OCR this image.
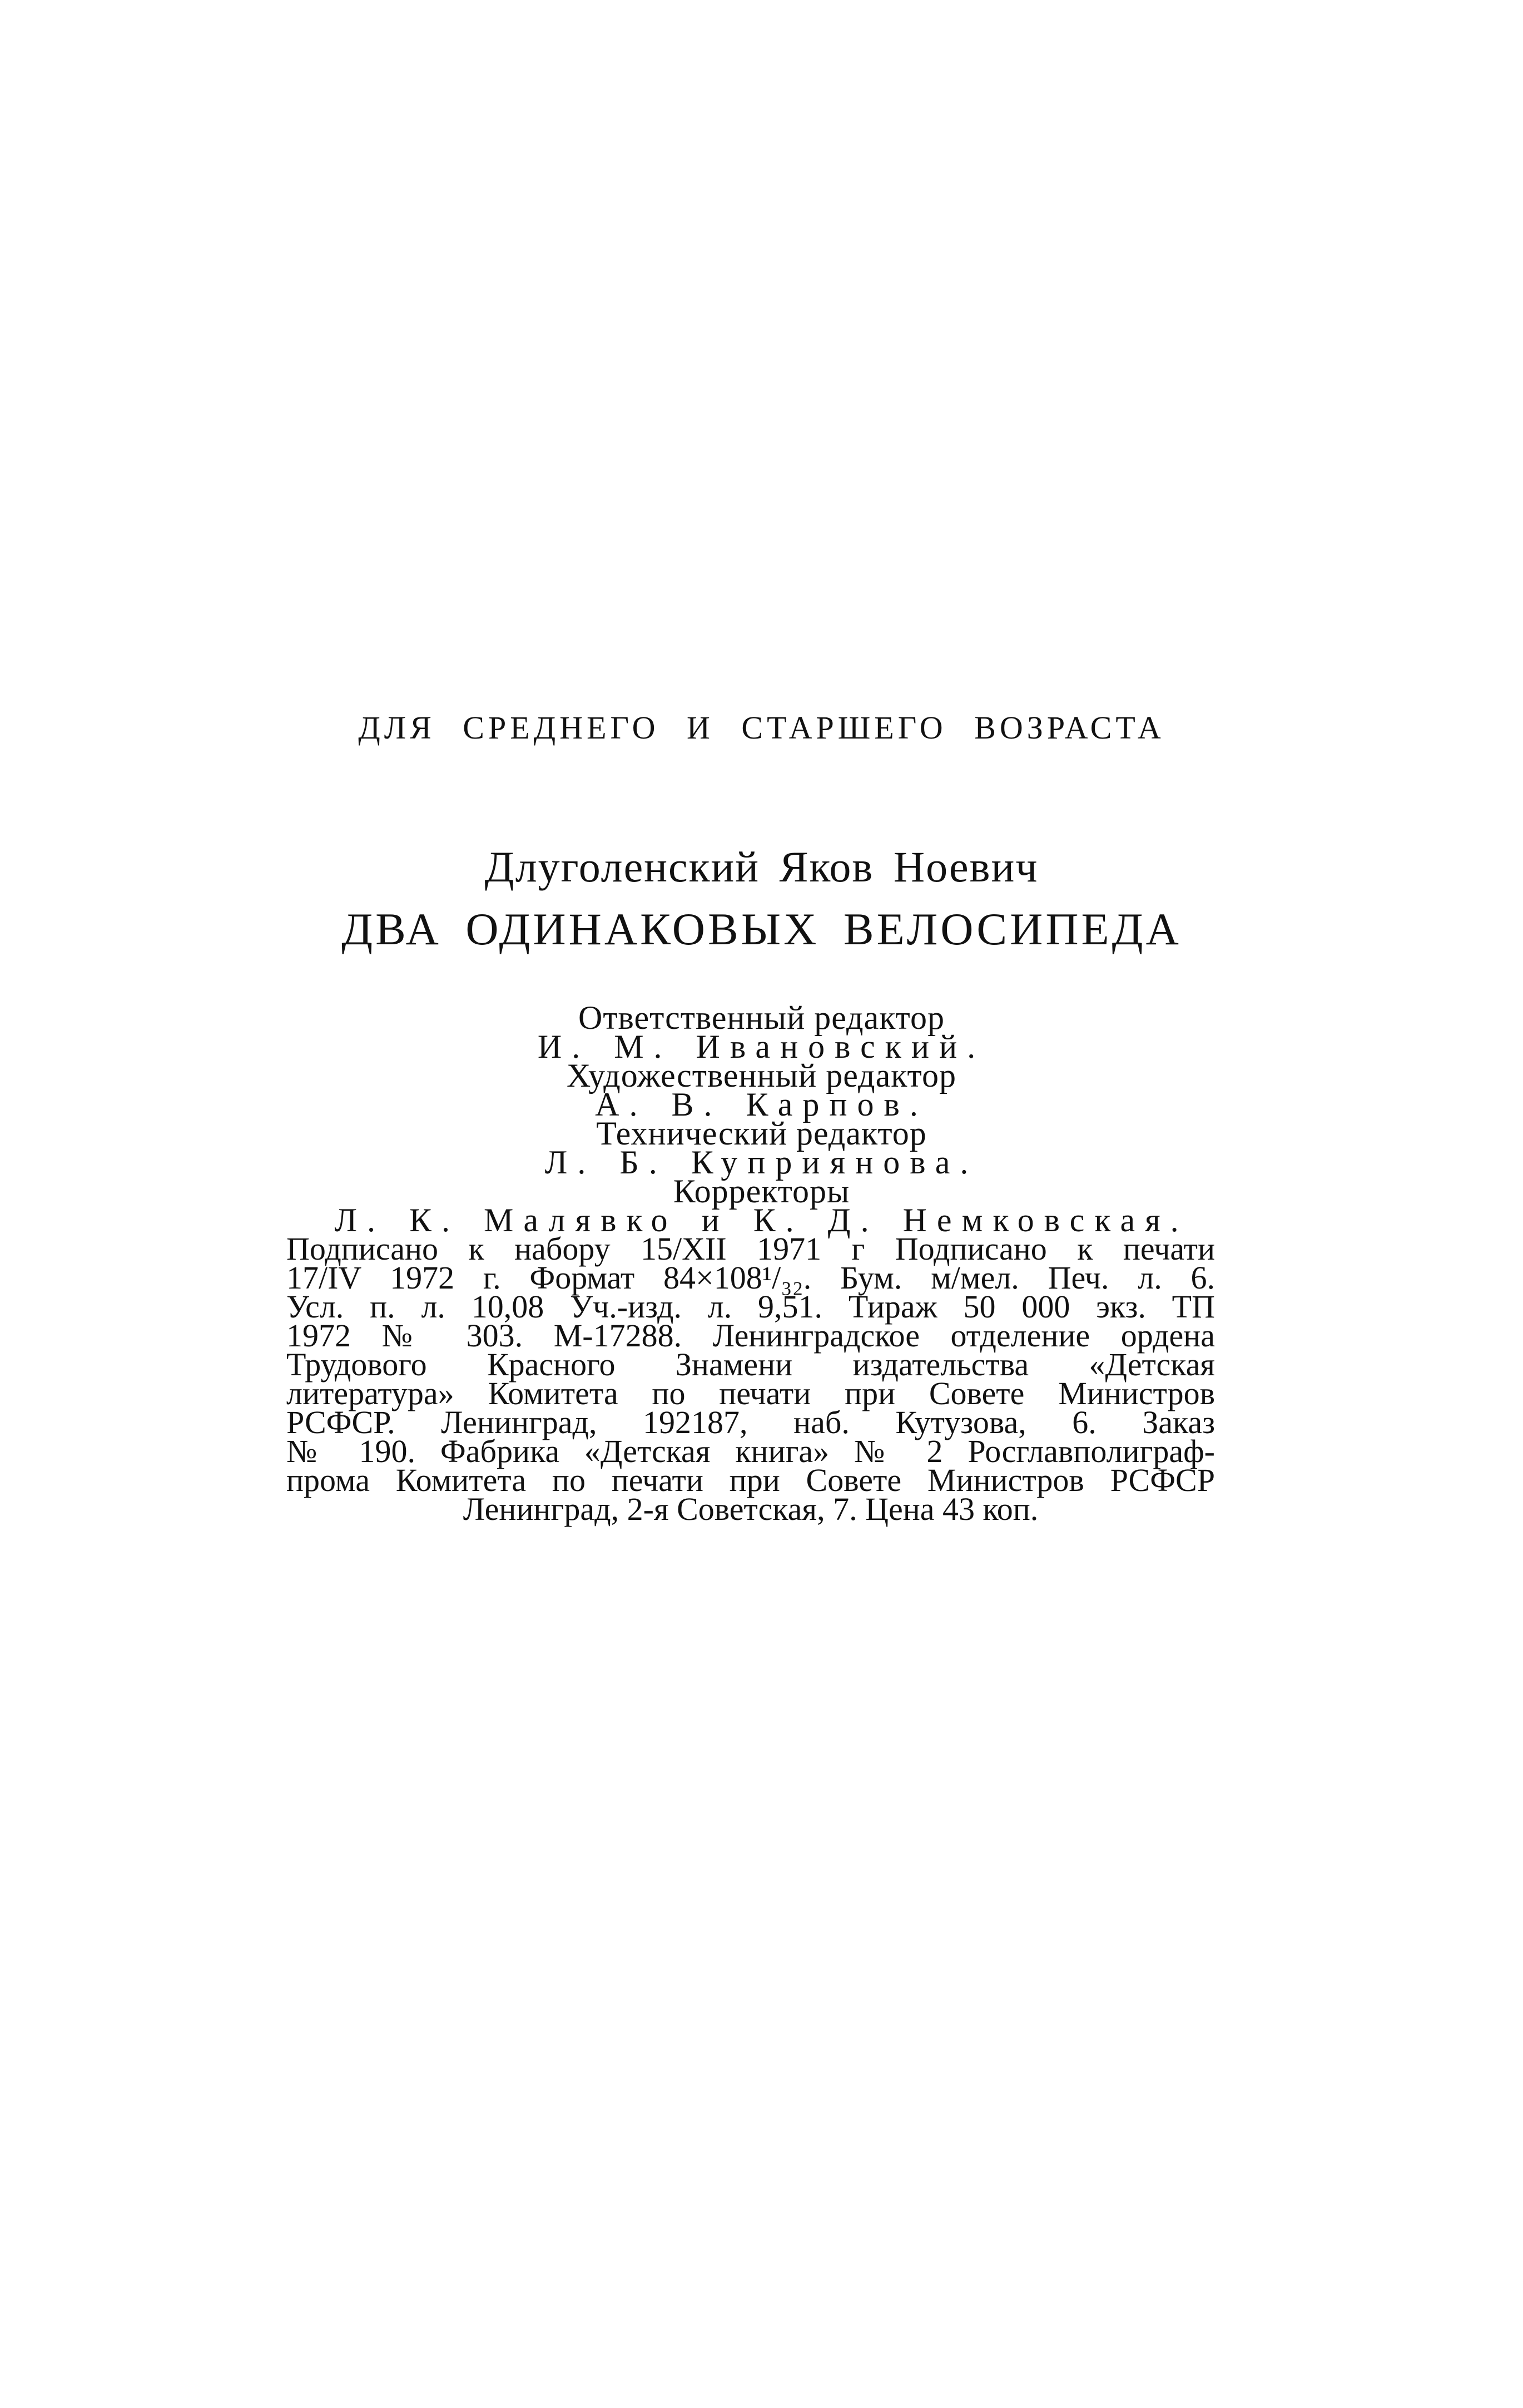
ДЛЯ СРЕДНЕГО И СТАРШЕГО ВОЗРАСТА
Длуголенский Яков Ноевич
ДВА ОДИНАКОВЫХ ВЕЛОСИПЕДА
Ответственный редактор
И. М. Ивановский.
Художественный редактор
А. В. Карпов.
Технический редактор
Л. Б. Куприянова.
Корректоры
Л. К. Малявко и К. Д. Немковская.
Подписано к набору 15/XII 1971 г Подписано к печати
17/IV 1972 г. Формат 84×108¹/₃₂. Бум. м/мел. Печ. л. 6.
Усл. п. л. 10,08 Уч.-изд. л. 9,51. Тираж 50 000 экз. ТП
1972 № 303. М-17288. Ленинградское отделение ордена
Трудового Красного Знамени издательства «Детская
литература» Комитета по печати при Совете Министров
РСФСР. Ленинград, 192187, наб. Кутузова, 6. Заказ
№ 190. Фабрика «Детская книга» № 2 Росглавполиграф-
прома Комитета по печати при Совете Министров РСФСР
Ленинград, 2-я Советская, 7. Цена 43 коп.
